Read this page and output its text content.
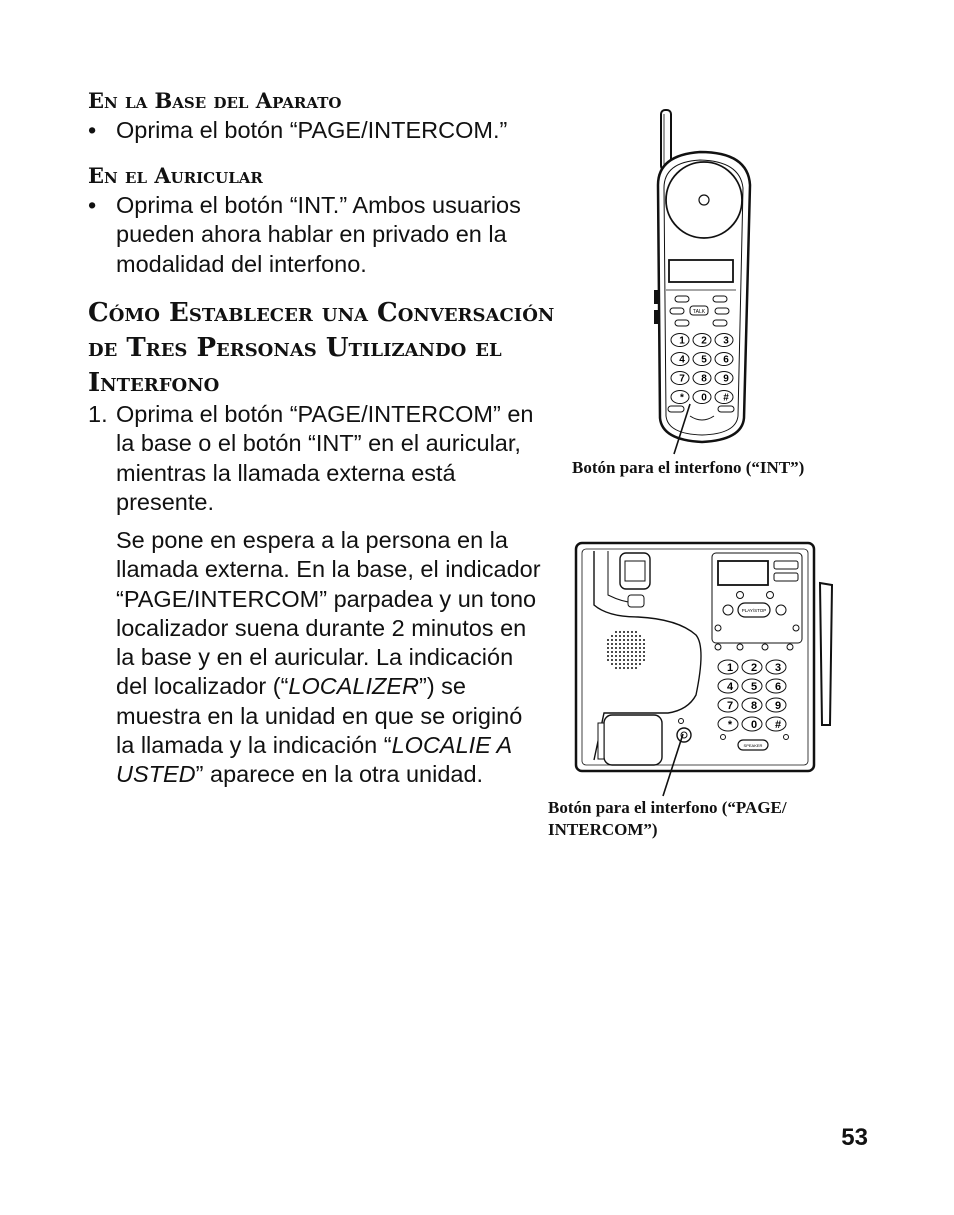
En la Base del Aparato
• Oprima el botón “PAGE/INTERCOM.”
En el Auricular
• Oprima el botón “INT.” Ambos usuarios pueden ahora hablar en privado en la modalidad del interfono.
Cómo Establecer una Conversación
de Tres Personas Utilizando el
Interfono
1. Oprima el botón “PAGE/INTERCOM” en la base o el botón “INT” en el auricular, mientras la llamada externa está presente.
Se pone en espera a la persona en la llamada externa. En la base, el indicador “PAGE/INTERCOM” parpadea y un tono localizador suena durante 2 minutos en la base y en el auricular. La indicación del localizador (“LOCALIZER”) se muestra en la unidad en que se originó la llamada y la indicación “LOCALIE A USTED” aparece en la otra unidad.
TALK
1 2 3
4 5 6
7 8 9
* 0 #
Botón para el interfono (“INT”)
PLAY/STOP
1 2 3
4 5 6
7 8 9
* 0 #
SPEAKER
Botón para el interfono (“PAGE/
INTERCOM”)
53
